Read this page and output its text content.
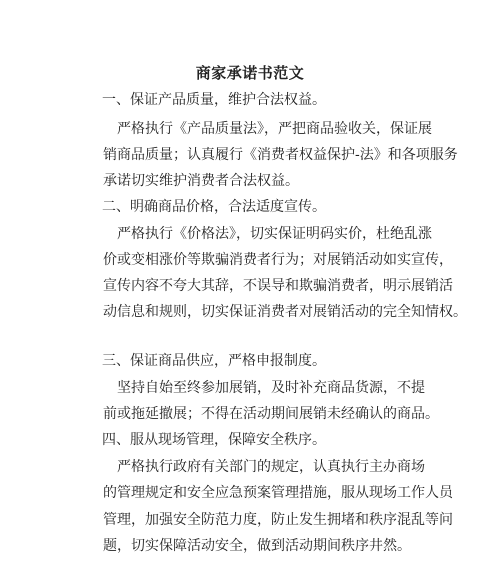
商家承诺书范文
一、保证产品质量，维护合法权益。
严格执行《产品质量法》，严把商品验收关，保证展
销商品质量；认真履行《消费者权益保护-法》和各项服务
承诺切实维护消费者合法权益。
二、明确商品价格，合法适度宣传。
严格执行《价格法》，切实保证明码实价，杜绝乱涨
价或变相涨价等欺骗消费者行为；对展销活动如实宣传，
宣传内容不夸大其辞，不误导和欺骗消费者，明示展销活
动信息和规则，切实保证消费者对展销活动的完全知情权。
三、保证商品供应，严格申报制度。
坚持自始至终参加展销，及时补充商品货源，不提
前或拖延撤展；不得在活动期间展销未经确认的商品。
四、服从现场管理，保障安全秩序。
严格执行政府有关部门的规定，认真执行主办商场
的管理规定和安全应急预案管理措施，服从现场工作人员
管理，加强安全防范力度，防止发生拥堵和秩序混乱等问
题，切实保障活动安全，做到活动期间秩序井然。
